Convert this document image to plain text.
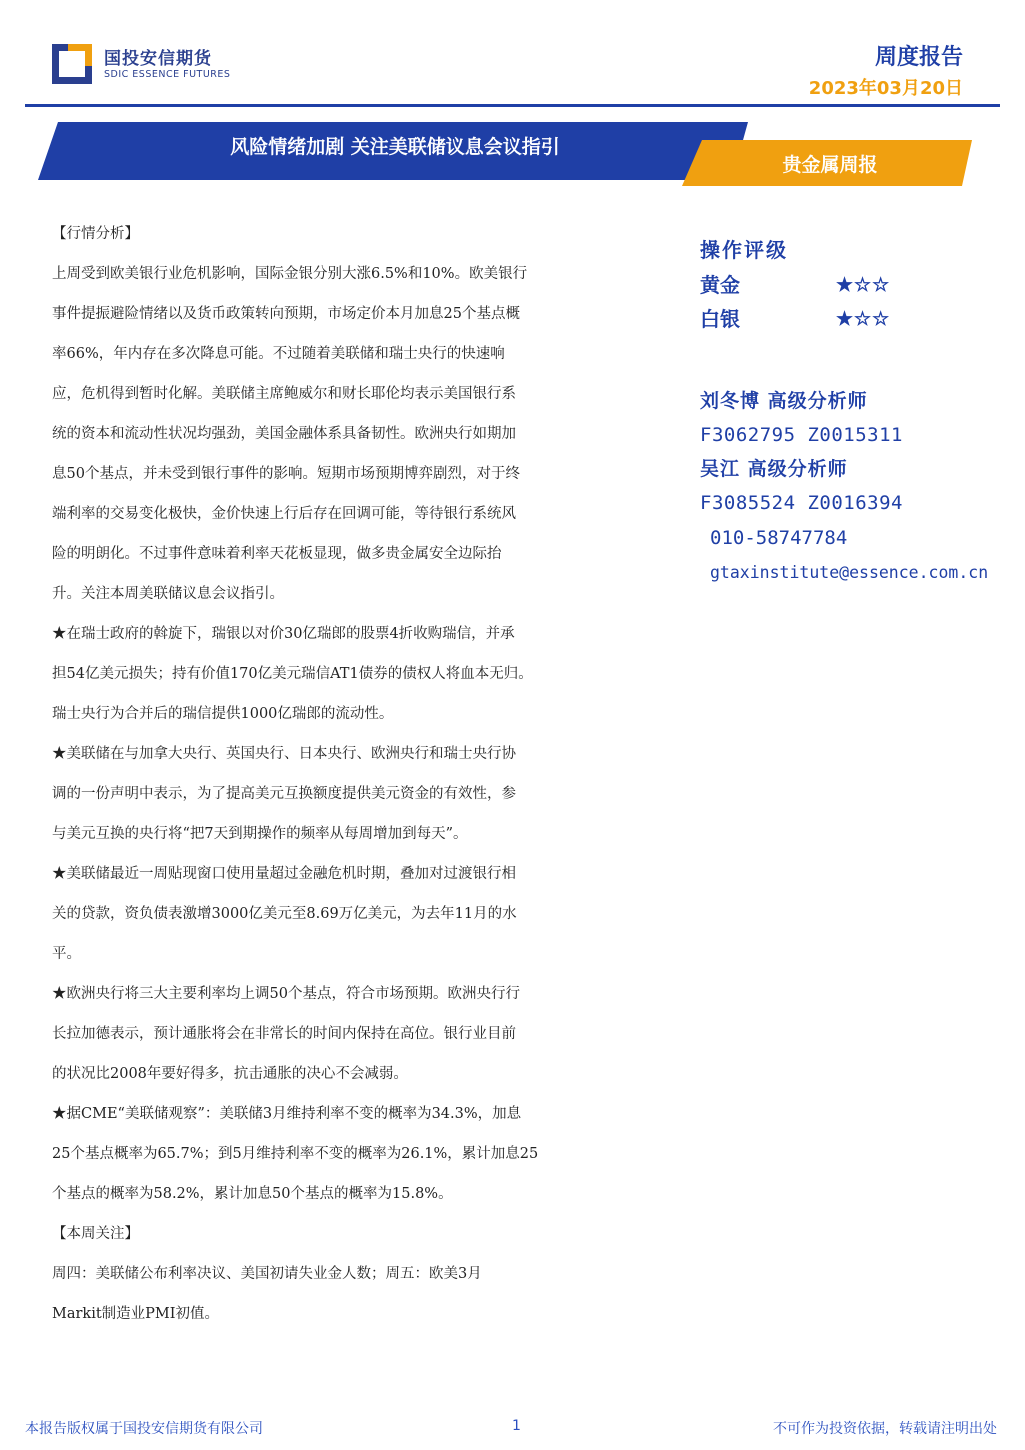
国投安信期货
SDIC ESSENCE FUTURES
周度报告
2023年03月20日
风险情绪加剧 关注美联储议息会议指引
贵金属周报
【行情分析】
上周受到欧美银行业危机影响，国际金银分别大涨6.5%和10%。欧美银行
事件提振避险情绪以及货币政策转向预期，市场定价本月加息25个基点概
率66%，年内存在多次降息可能。不过随着美联储和瑞士央行的快速响
应，危机得到暂时化解。美联储主席鲍威尔和财长耶伦均表示美国银行系
统的资本和流动性状况均强劲，美国金融体系具备韧性。欧洲央行如期加
息50个基点，并未受到银行事件的影响。短期市场预期博弈剧烈，对于终
端利率的交易变化极快，金价快速上行后存在回调可能，等待银行系统风
险的明朗化。不过事件意味着利率天花板显现，做多贵金属安全边际抬
升。关注本周美联储议息会议指引。
★在瑞士政府的斡旋下，瑞银以对价30亿瑞郎的股票4折收购瑞信，并承
担54亿美元损失；持有价值170亿美元瑞信AT1债券的债权人将血本无归。
瑞士央行为合并后的瑞信提供1000亿瑞郎的流动性。
★美联储在与加拿大央行、英国央行、日本央行、欧洲央行和瑞士央行协
调的一份声明中表示，为了提高美元互换额度提供美元资金的有效性，参
与美元互换的央行将“把7天到期操作的频率从每周增加到每天”。
★美联储最近一周贴现窗口使用量超过金融危机时期，叠加对过渡银行相
关的贷款，资负债表激增3000亿美元至8.69万亿美元，为去年11月的水
平。
★欧洲央行将三大主要利率均上调50个基点，符合市场预期。欧洲央行行
长拉加德表示，预计通胀将会在非常长的时间内保持在高位。银行业目前
的状况比2008年要好得多，抗击通胀的决心不会减弱。
★据CME“美联储观察”：美联储3月维持利率不变的概率为34.3%，加息
25个基点概率为65.7%；到5月维持利率不变的概率为26.1%，累计加息25
个基点的概率为58.2%，累计加息50个基点的概率为15.8%。
【本周关注】
周四：美联储公布利率决议、美国初请失业金人数；周五：欧美3月
Markit制造业PMI初值。
操作评级
黄金	★☆☆
白银	★☆☆
刘冬博 高级分析师
F3062795 Z0015311
吴江 高级分析师
F3085524 Z0016394
010-58747784
gtaxinstitute@essence.com.cn
本报告版权属于国投安信期货有限公司	1	不可作为投资依据，转载请注明出处
